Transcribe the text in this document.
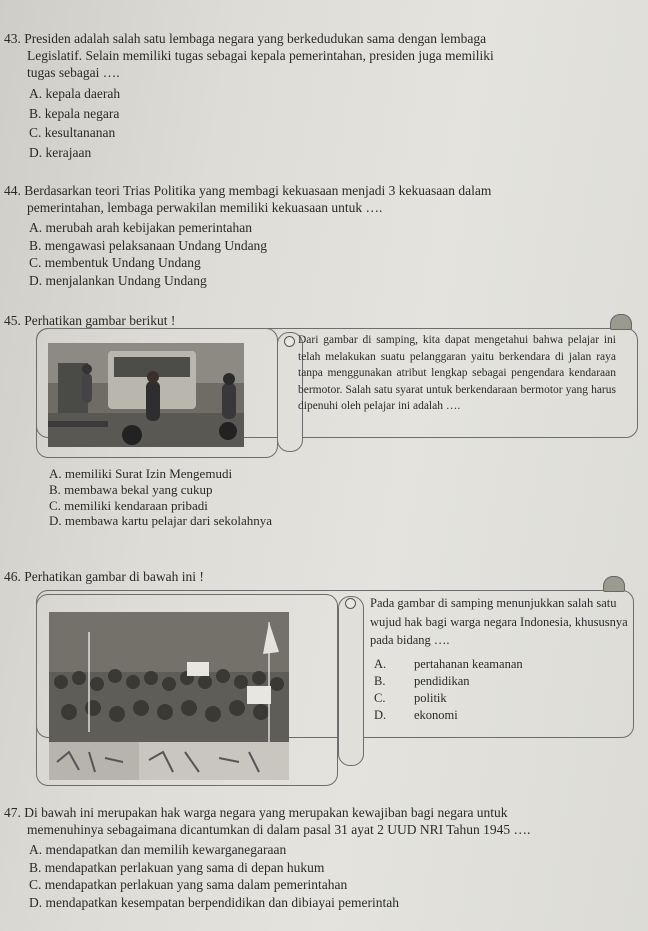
43. Presiden adalah salah satu lembaga negara yang berkedudukan sama dengan lembaga
Legislatif. Selain memiliki tugas sebagai kepala pemerintahan, presiden juga memiliki
tugas sebagai ….

A. kepala daerah
B. kepala negara
C. kesultananan
D. kerajaan

44. Berdasarkan teori Trias Politika yang membagi kekuasaan menjadi 3 kekuasaan dalam
pemerintahan, lembaga perwakilan memiliki kekuasaan untuk ….

A. merubah arah kebijakan pemerintahan
B. mengawasi pelaksanaan Undang Undang
C. membentuk Undang Undang
D. menjalankan Undang Undang
45. Perhatikan gambar berikut !
Dari gambar di samping, kita dapat mengetahui bahwa pelajar ini telah melakukan suatu pelanggaran yaitu berkendara di jalan raya tanpa menggunakan atribut lengkap sebagai pengendara kendaraan bermotor. Salah satu syarat untuk berkendaraan bermotor yang harus dipenuhi oleh pelajar ini adalah ….
A. memiliki Surat Izin Mengemudi
B. membawa bekal yang cukup
C. memiliki kendaraan pribadi
D. membawa kartu pelajar dari sekolahnya
46. Perhatikan gambar di bawah ini !
Pada gambar di samping menunjukkan salah satu wujud hak bagi warga negara Indonesia, khususnya pada bidang ….
A. pertahanan keamanan
B. pendidikan
C. politik
D. ekonomi

47. Di bawah ini merupakan hak warga negara yang merupakan kewajiban bagi negara untuk
memenuhinya sebagaimana dicantumkan di dalam pasal 31 ayat 2 UUD NRI Tahun 1945 ….

A. mendapatkan dan memilih kewarganegaraan
B. mendapatkan perlakuan yang sama di depan hukum
C. mendapatkan perlakuan yang sama dalam pemerintahan
D. mendapatkan kesempatan berpendidikan dan dibiayai pemerintah
